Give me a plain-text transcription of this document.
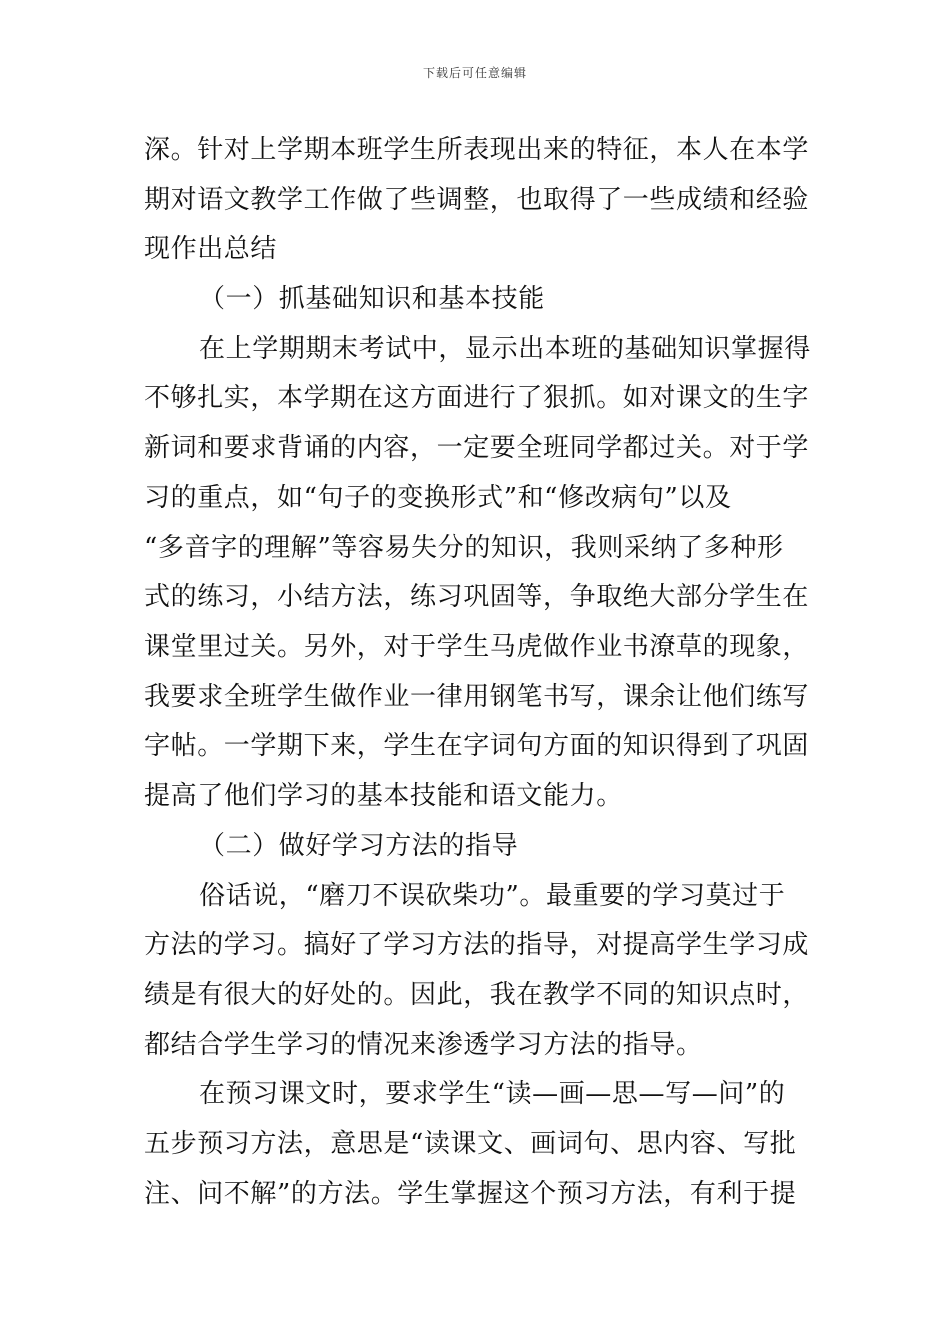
下载后可任意编辑
深。针对上学期本班学生所表现出来的特征，本人在本学
期对语文教学工作做了些调整，也取得了一些成绩和经验
现作出总结
（一）抓基础知识和基本技能
在上学期期末考试中，显示出本班的基础知识掌握得
不够扎实，本学期在这方面进行了狠抓。如对课文的生字
新词和要求背诵的内容，一定要全班同学都过关。对于学
习的重点，如“句子的变换形式”和“修改病句”以及
“多音字的理解”等容易失分的知识，我则采纳了多种形
式的练习，小结方法，练习巩固等，争取绝大部分学生在
课堂里过关。另外，对于学生马虎做作业书潦草的现象，
我要求全班学生做作业一律用钢笔书写，课余让他们练写
字帖。一学期下来，学生在字词句方面的知识得到了巩固
提高了他们学习的基本技能和语文能力。
（二）做好学习方法的指导
俗话说，“磨刀不误砍柴功”。最重要的学习莫过于
方法的学习。搞好了学习方法的指导，对提高学生学习成
绩是有很大的好处的。因此，我在教学不同的知识点时，
都结合学生学习的情况来渗透学习方法的指导。
在预习课文时，要求学生“读—画—思—写—问”的
五步预习方法，意思是“读课文、画词句、思内容、写批
注、问不解”的方法。学生掌握这个预习方法，有利于提
